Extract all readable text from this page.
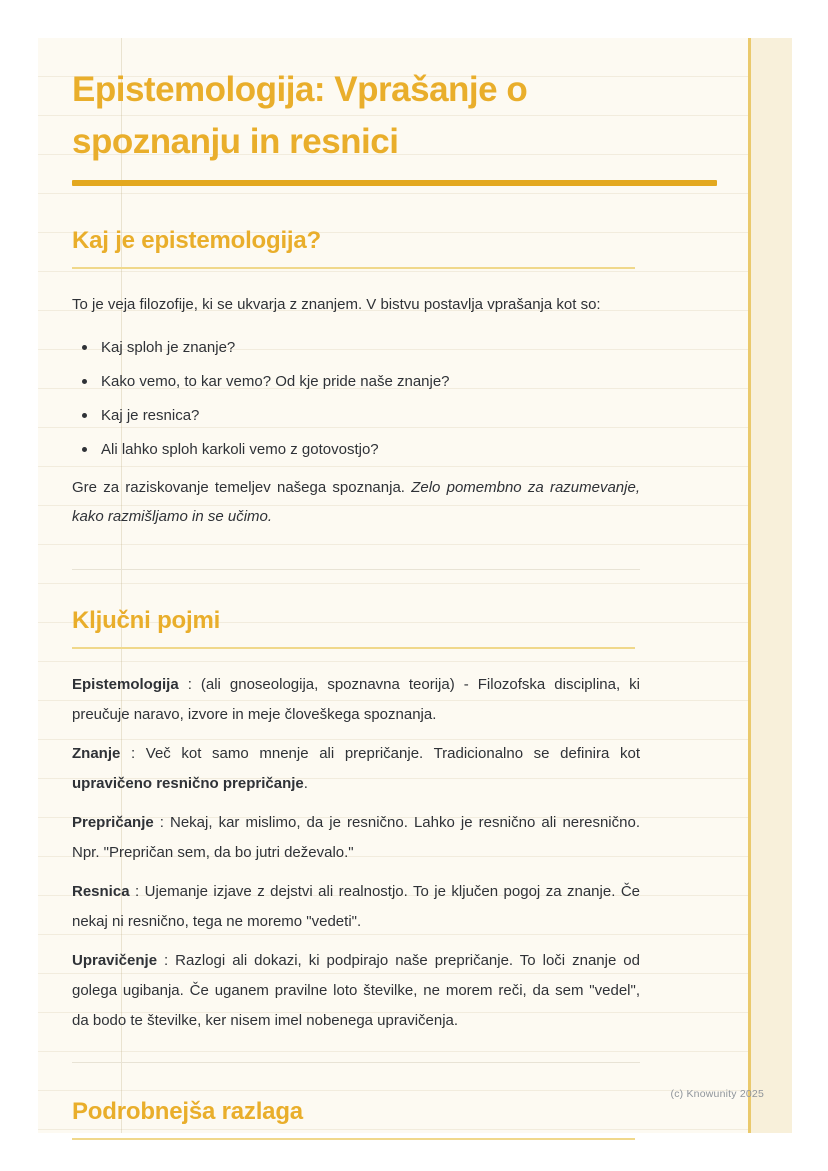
Epistemologija: Vprašanje o spoznanju in resnici
Kaj je epistemologija?

To je veja filozofije, ki se ukvarja z znanjem. V bistvu postavlja vprašanja kot so:

Kaj sploh je znanje?
Kako vemo, to kar vemo? Od kje pride naše znanje?
Kaj je resnica?
Ali lahko sploh karkoli vemo z gotovostjo?

Gre za raziskovanje temeljev našega spoznanja. Zelo pomembno za razumevanje, kako razmišljamo in se učimo.

Ključni pojmi

Epistemologija : (ali gnoseologija, spoznavna teorija) - Filozofska disciplina, ki preučuje naravo, izvore in meje človeškega spoznanja.

Znanje : Več kot samo mnenje ali prepričanje. Tradicionalno se definira kot upravičeno resnično prepričanje.

Prepričanje : Nekaj, kar mislimo, da je resnično. Lahko je resnično ali neresnično. Npr. "Prepričan sem, da bo jutri deževalo."

Resnica : Ujemanje izjave z dejstvi ali realnostjo. To je ključen pogoj za znanje. Če nekaj ni resnično, tega ne moremo "vedeti".

Upravičenje : Razlogi ali dokazi, ki podpirajo naše prepričanje. To loči znanje od golega ugibanja. Če uganem pravilne loto številke, ne morem reči, da sem "vedel", da bodo te številke, ker nisem imel nobenega upravičenja.

Podrobnejša razlaga
(c) Knowunity 2025
